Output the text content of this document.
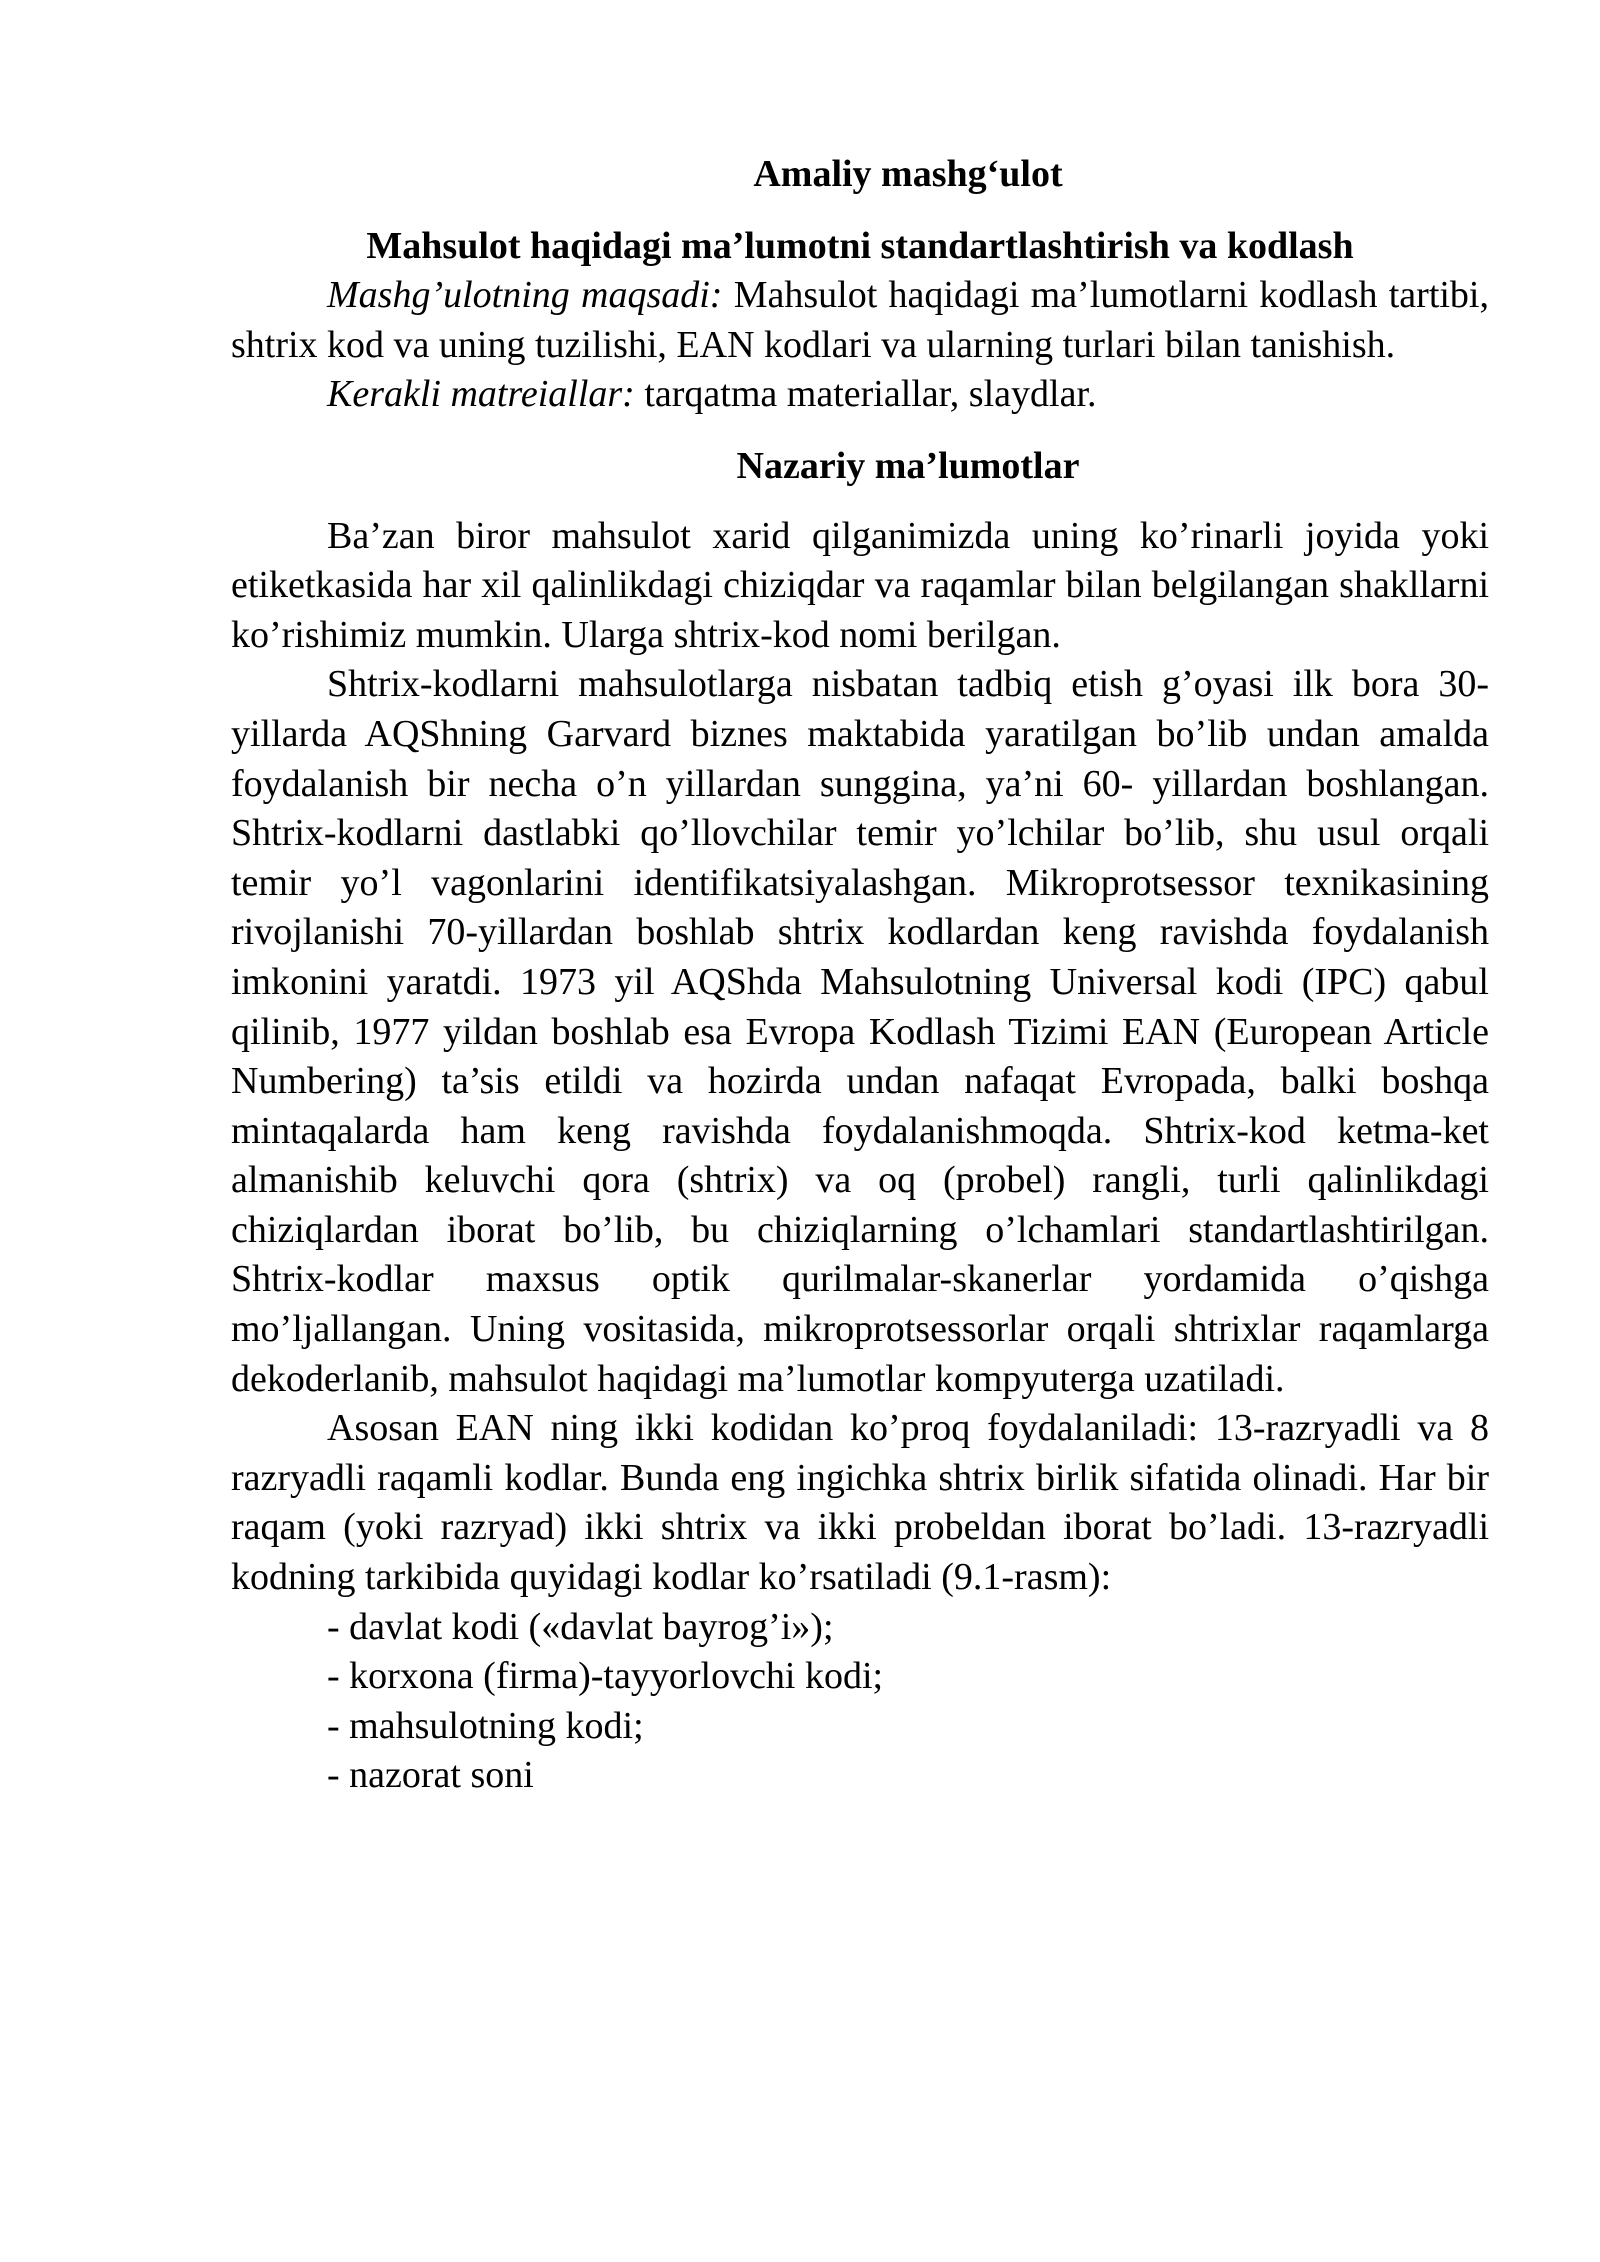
Amaliy mashg‘ulot
Mahsulot haqidagi ma’lumotni standartlashtirish va kodlash

Mashg’ulotning maqsadi: Mahsulot haqidagi ma’lumotlarni kodlash tartibi, shtrix kod va uning tuzilishi, EAN kodlari va ularning turlari bilan tanishish.

Kerakli matreiallar: tarqatma materiallar, slaydlar.

Nazariy ma’lumotlar

Ba’zan biror mahsulot xarid qilganimizda uning ko’rinarli joyida yoki etiketkasida har xil qalinlikdagi chiziqdar va raqamlar bilan belgilangan shakllarni ko’rishimiz mumkin. Ularga shtrix-kod nomi berilgan.

Shtrix-kodlarni mahsulotlarga nisbatan tadbiq etish g’oyasi ilk bora 30-yillarda AQShning Garvard biznes maktabida yaratilgan bo’lib undan amalda foydalanish bir necha o’n yillardan sunggina, ya’ni 60- yillardan boshlangan. Shtrix-kodlarni dastlabki qo’llovchilar temir yo’lchilar bo’lib, shu usul orqali temir yo’l vagonlarini identifikatsiyalashgan. Mikroprotsessor texnikasining rivojlanishi 70-yillardan boshlab shtrix kodlardan keng ravishda foydalanish imkonini yaratdi. 1973 yil AQShda Mahsulotning Universal kodi (IPC) qabul qilinib, 1977 yildan boshlab esa Evropa Kodlash Tizimi EAN (European Article Numbering) ta’sis etildi va hozirda undan nafaqat Evropada, balki boshqa mintaqalarda ham keng ravishda foydalanishmoqda. Shtrix-kod ketma-ket almanishib keluvchi qora (shtrix) va oq (probel) rangli, turli qalinlikdagi chiziqlardan iborat bo’lib, bu chiziqlarning o’lchamlari standartlashtirilgan. Shtrix-kodlar maxsus optik qurilmalar-skanerlar yordamida o’qishga mo’ljallangan. Uning vositasida, mikroprotsessorlar orqali shtrixlar raqamlarga dekoderlanib, mahsulot haqidagi ma’lumotlar kompyuterga uzatiladi.

Asosan EAN ning ikki kodidan ko’proq foydalaniladi: 13-razryadli va 8 razryadli raqamli kodlar. Bunda eng ingichka shtrix birlik sifatida olinadi. Har bir raqam (yoki razryad) ikki shtrix va ikki probeldan iborat bo’ladi. 13-razryadli kodning tarkibida quyidagi kodlar ko’rsatiladi (9.1-rasm):

- davlat kodi («davlat bayrog’i»);
- korxona (firma)-tayyorlovchi kodi;
- mahsulotning kodi;
- nazorat soni
